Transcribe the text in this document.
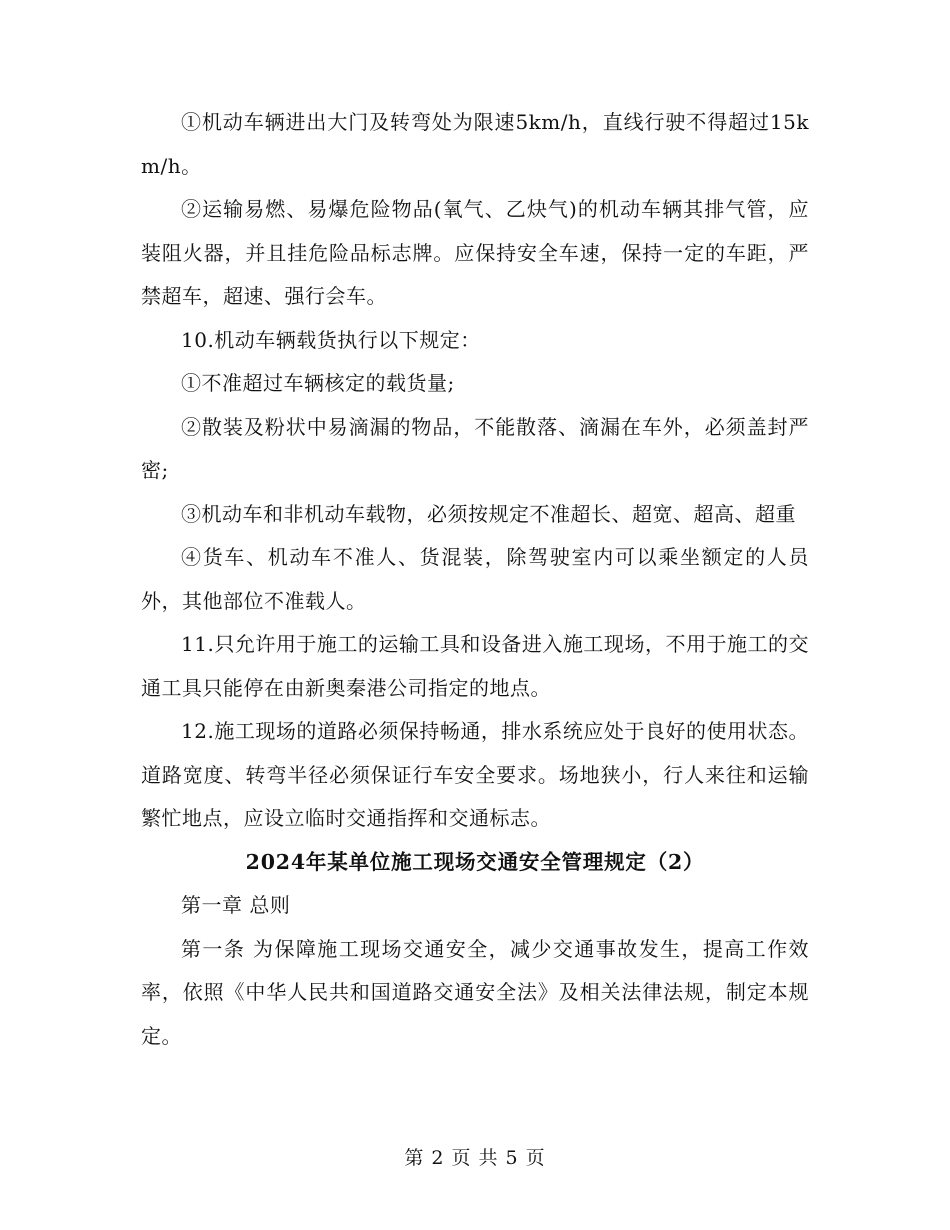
①机动车辆进出大门及转弯处为限速5km/h，直线行驶不得超过15km/h。

②运输易燃、易爆危险物品(氧气、乙炔气)的机动车辆其排气管，应装阻火器，并且挂危险品标志牌。应保持安全车速，保持一定的车距，严禁超车，超速、强行会车。

10.机动车辆载货执行以下规定：

①不准超过车辆核定的载货量;

②散装及粉状中易滴漏的物品，不能散落、滴漏在车外，必须盖封严密;

③机动车和非机动车载物，必须按规定不准超长、超宽、超高、超重

④货车、机动车不准人、货混装，除驾驶室内可以乘坐额定的人员外，其他部位不准载人。

11.只允许用于施工的运输工具和设备进入施工现场，不用于施工的交通工具只能停在由新奥秦港公司指定的地点。

12.施工现场的道路必须保持畅通，排水系统应处于良好的使用状态。道路宽度、转弯半径必须保证行车安全要求。场地狭小，行人来往和运输繁忙地点，应设立临时交通指挥和交通标志。

2024年某单位施工现场交通安全管理规定（2）

第一章 总则

第一条 为保障施工现场交通安全，减少交通事故发生，提高工作效率，依照《中华人民共和国道路交通安全法》及相关法律法规，制定本规定。

第 2 页 共 5 页
